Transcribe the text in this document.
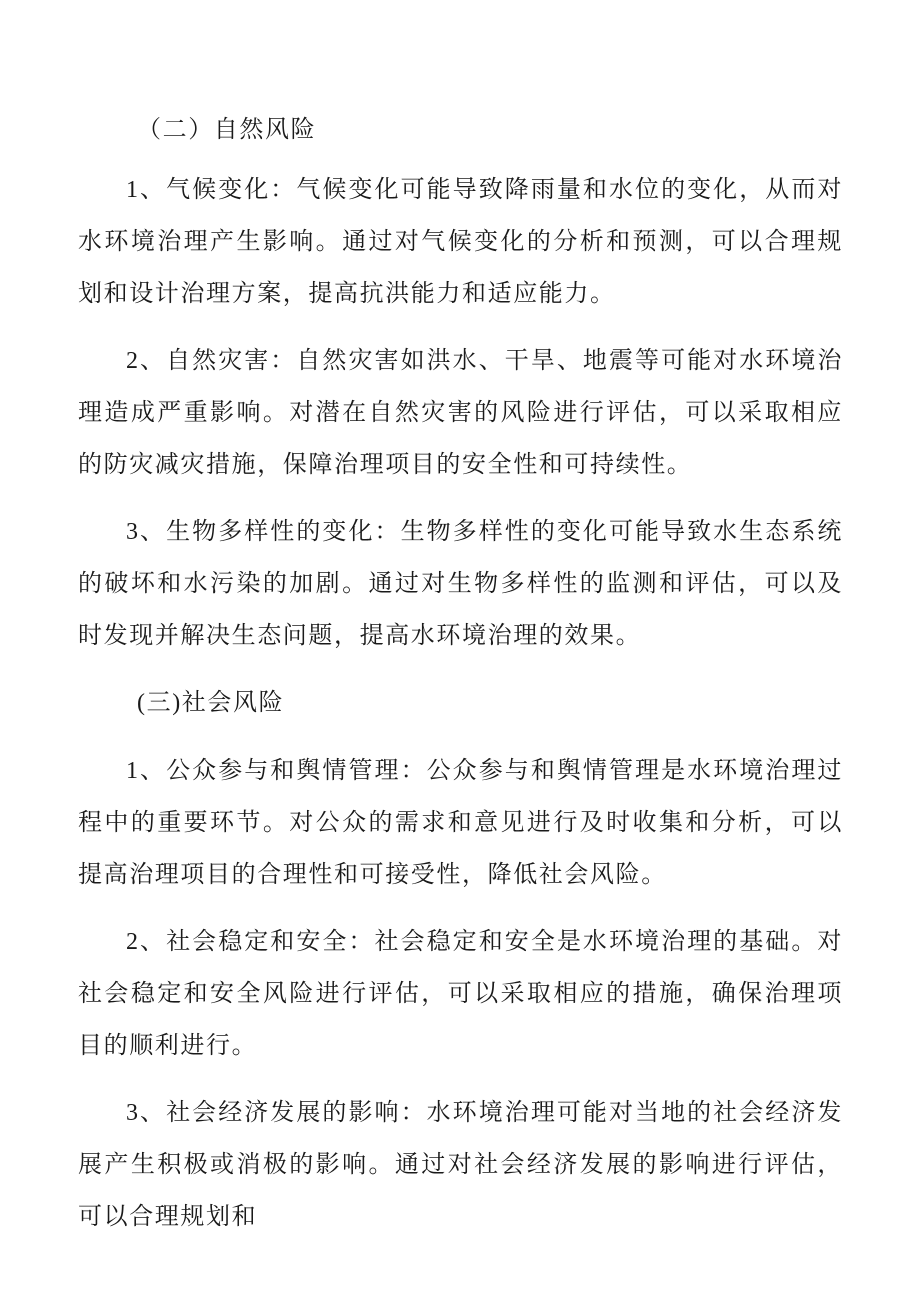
（二）自然风险

1、气候变化：气候变化可能导致降雨量和水位的变化，从而对水环境治理产生影响。通过对气候变化的分析和预测，可以合理规划和设计治理方案，提高抗洪能力和适应能力。

2、自然灾害：自然灾害如洪水、干旱、地震等可能对水环境治理造成严重影响。对潜在自然灾害的风险进行评估，可以采取相应的防灾减灾措施，保障治理项目的安全性和可持续性。

3、生物多样性的变化：生物多样性的变化可能导致水生态系统的破坏和水污染的加剧。通过对生物多样性的监测和评估，可以及时发现并解决生态问题，提高水环境治理的效果。

(三)社会风险

1、公众参与和舆情管理：公众参与和舆情管理是水环境治理过程中的重要环节。对公众的需求和意见进行及时收集和分析，可以提高治理项目的合理性和可接受性，降低社会风险。

2、社会稳定和安全：社会稳定和安全是水环境治理的基础。对社会稳定和安全风险进行评估，可以采取相应的措施，确保治理项目的顺利进行。

3、社会经济发展的影响：水环境治理可能对当地的社会经济发展产生积极或消极的影响。通过对社会经济发展的影响进行评估，可以合理规划和
